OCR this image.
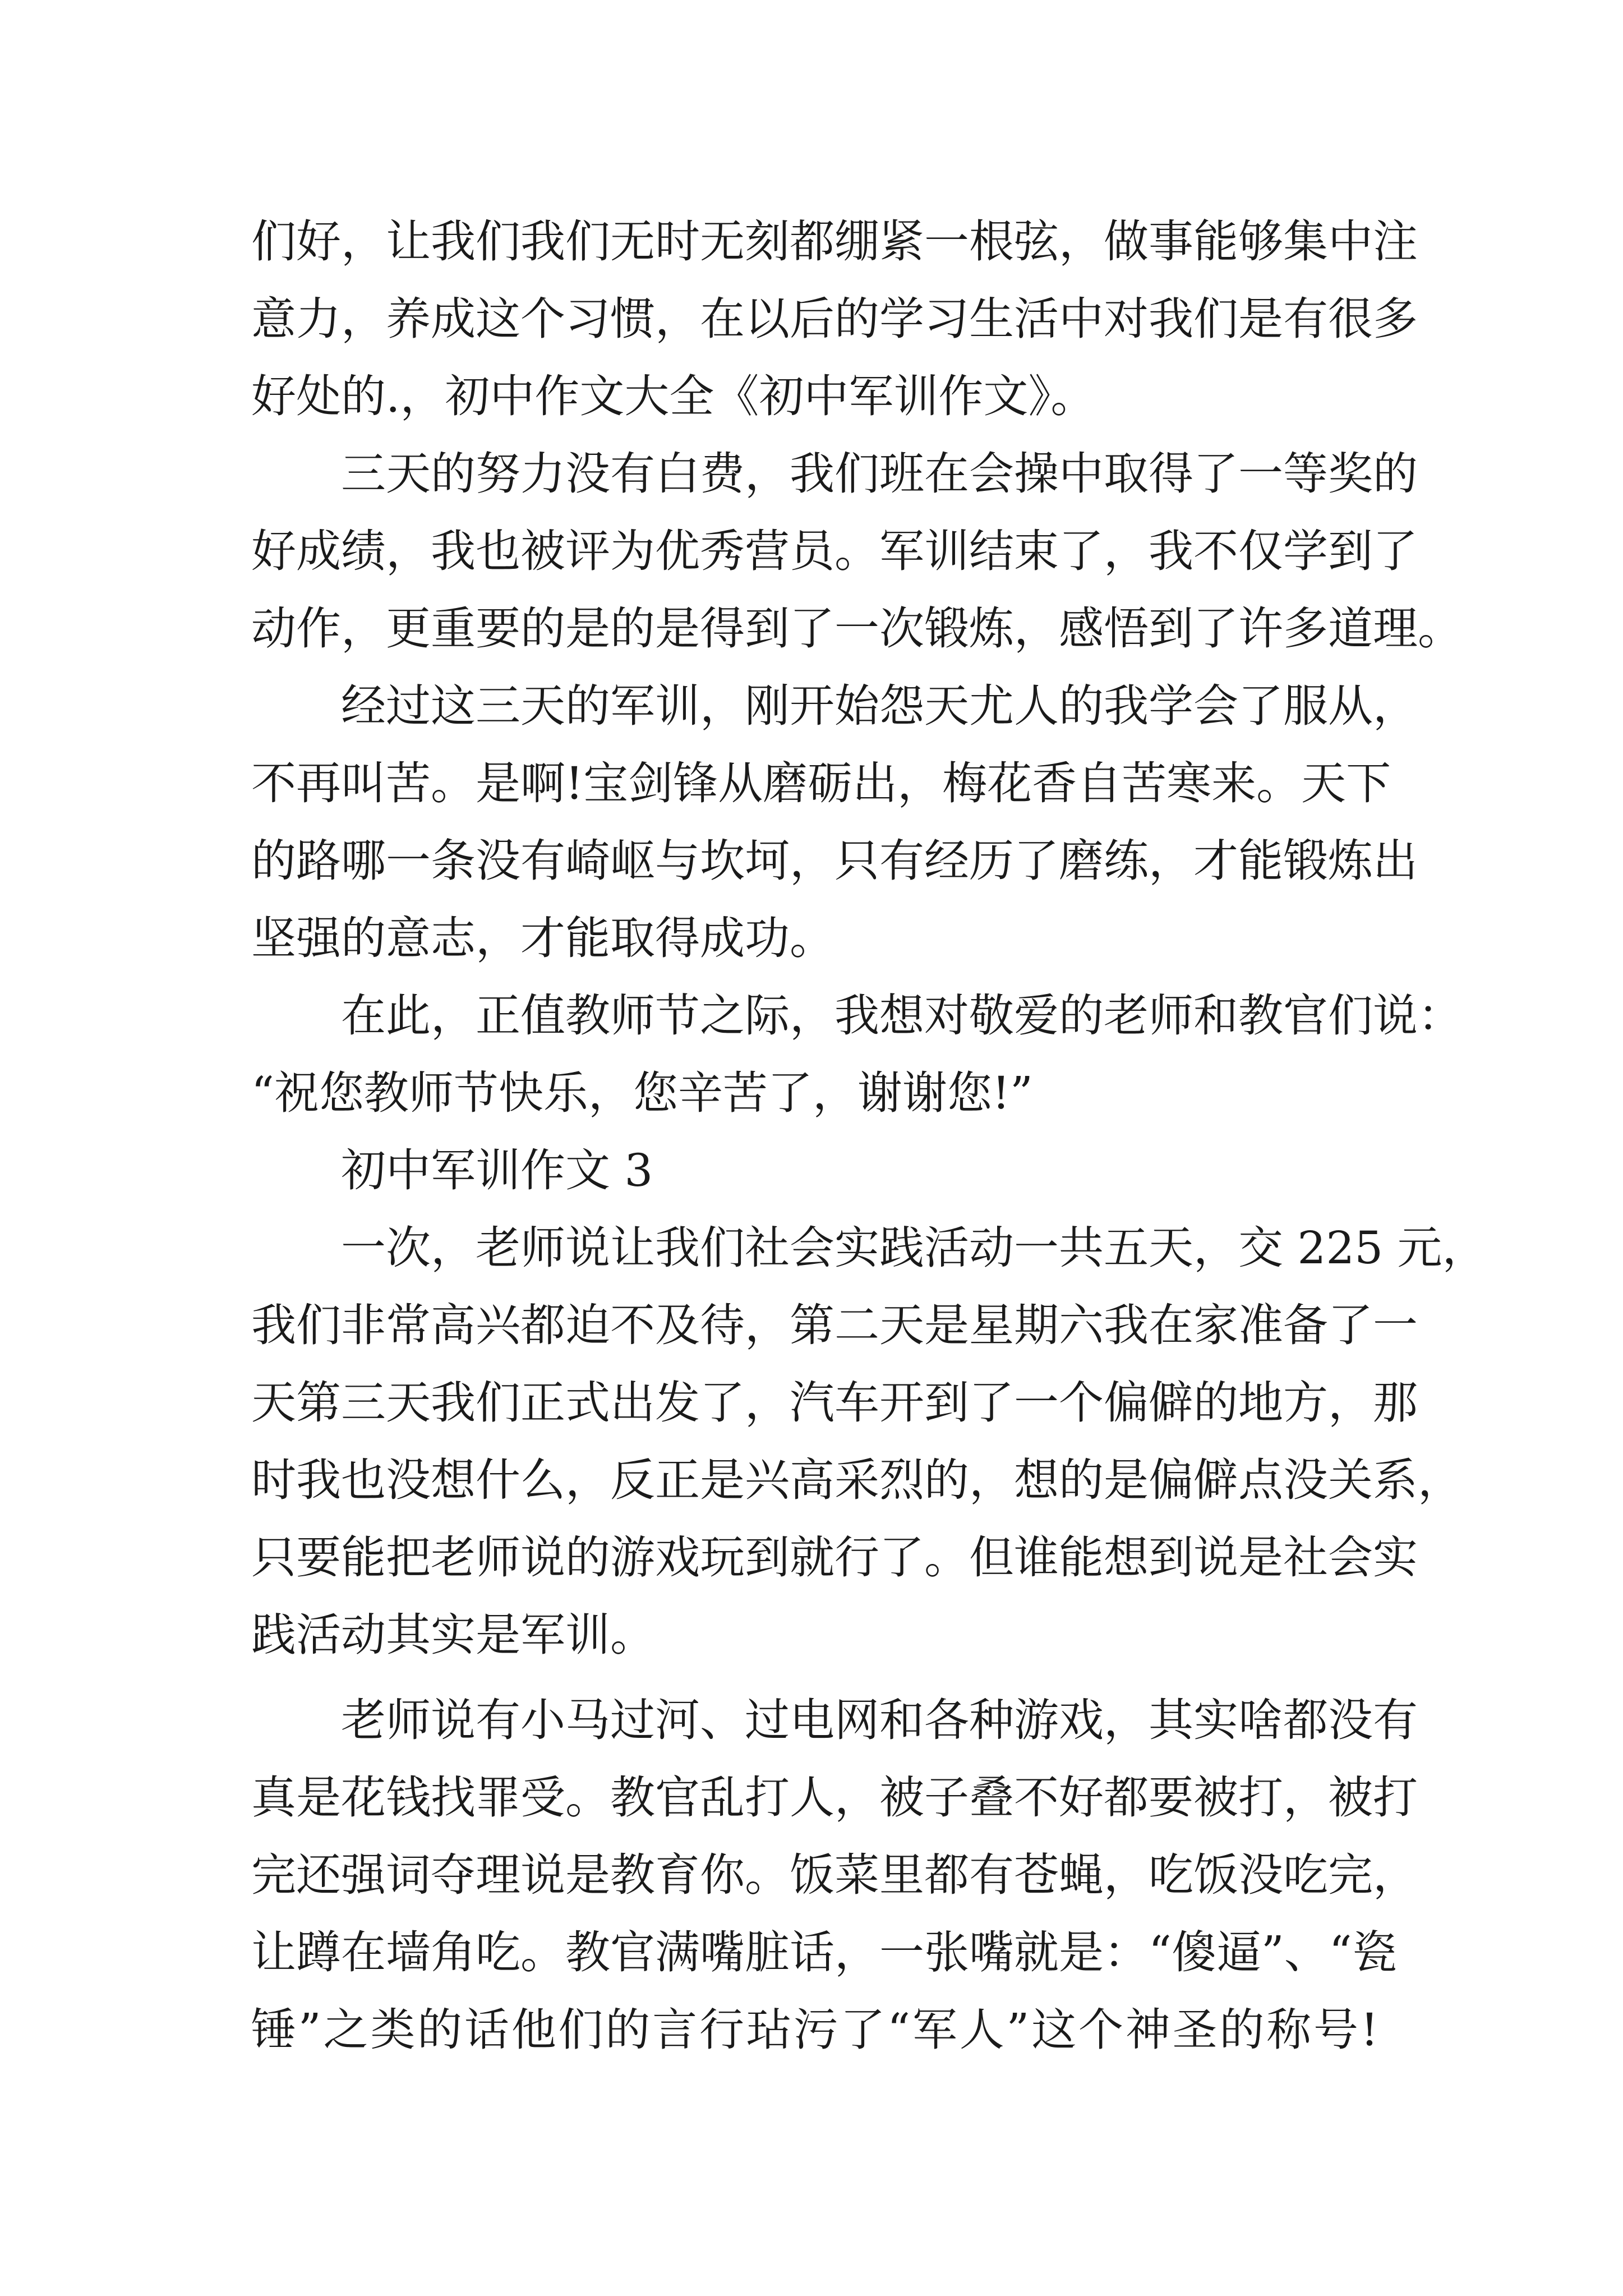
们好，让我们我们无时无刻都绷紧一根弦，做事能够集中注
意力，养成这个习惯，在以后的学习生活中对我们是有很多
好处的.，初中作文大全《初中军训作文》。
三天的努力没有白费，我们班在会操中取得了一等奖的
好成绩，我也被评为优秀营员。军训结束了，我不仅学到了
动作，更重要的是的是得到了一次锻炼，感悟到了许多道理。
经过这三天的军训，刚开始怨天尤人的我学会了服从，
不再叫苦。是啊!宝剑锋从磨砺出，梅花香自苦寒来。天下
的路哪一条没有崎岖与坎坷，只有经历了磨练，才能锻炼出
坚强的意志，才能取得成功。
在此，正值教师节之际，我想对敬爱的老师和教官们说：
“祝您教师节快乐，您辛苦了，谢谢您!”
初中军训作文 3
一次，老师说让我们社会实践活动一共五天，交 225 元，
我们非常高兴都迫不及待，第二天是星期六我在家准备了一
天第三天我们正式出发了，汽车开到了一个偏僻的地方，那
时我也没想什么，反正是兴高采烈的，想的是偏僻点没关系，
只要能把老师说的游戏玩到就行了。但谁能想到说是社会实
践活动其实是军训。
老师说有小马过河、过电网和各种游戏，其实啥都没有
真是花钱找罪受。教官乱打人，被子叠不好都要被打，被打
完还强词夺理说是教育你。饭菜里都有苍蝇，吃饭没吃完，
让蹲在墙角吃。教官满嘴脏话，一张嘴就是：“傻逼”、“瓷
锤”之类的话他们的言行玷污了“军人”这个神圣的称号!
